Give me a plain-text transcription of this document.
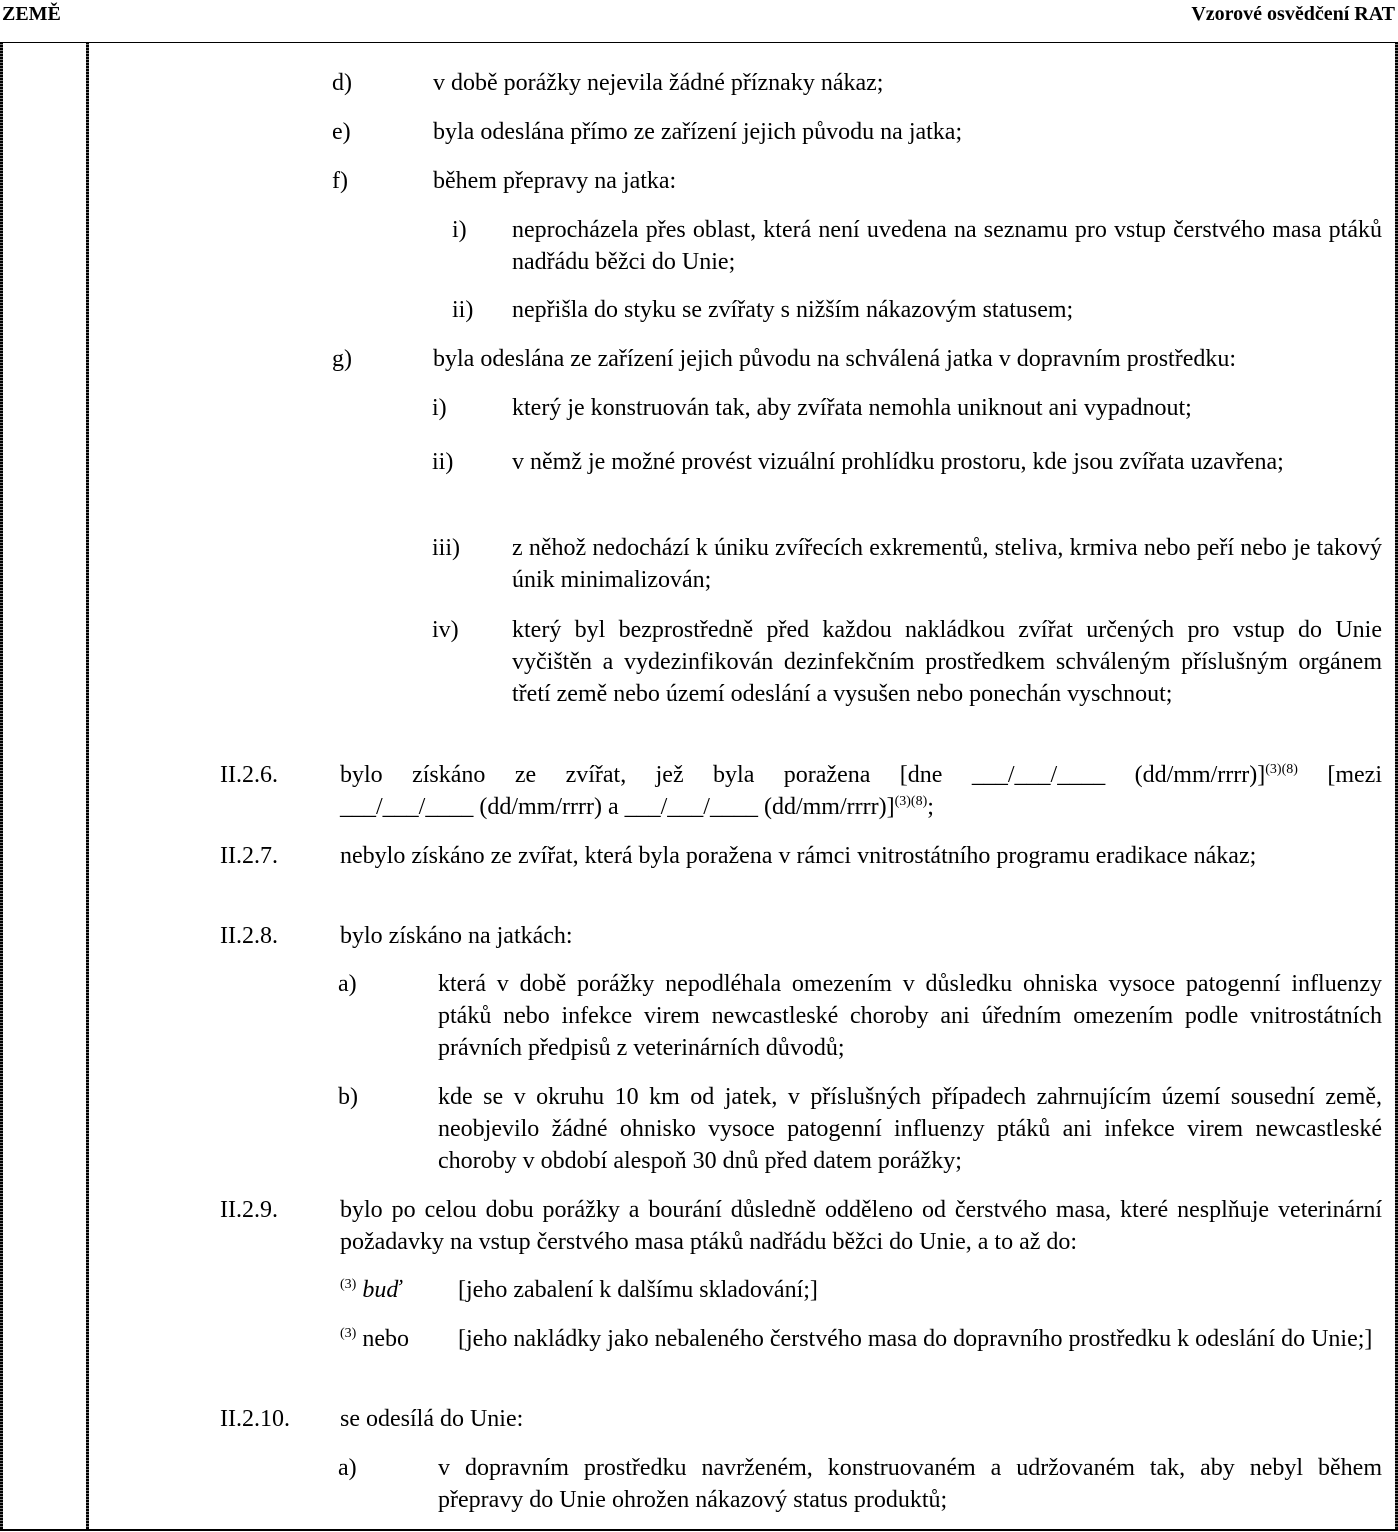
ZEMĚ	Vzorové osvědčení RAT
d)	v době porážky nejevila žádné příznaky nákaz;
e)	byla odeslána přímo ze zařízení jejich původu na jatka;
f)	během přepravy na jatka:
i) neprocházela přes oblast, která není uvedena na seznamu pro vstup čerstvého masa ptáků nadřádu běžci do Unie;
ii) nepřišla do styku se zvířaty s nižším nákazovým statusem;
g)	byla odeslána ze zařízení jejich původu na schválená jatka v dopravním prostředku:
i)	který je konstruován tak, aby zvířata nemohla uniknout ani vypadnout;
ii) v němž je možné provést vizuální prohlídku prostoru, kde jsou zvířata uzavřena;
iii) z něhož nedochází k úniku zvířecích exkrementů, steliva, krmiva nebo peří nebo je takový únik minimalizován;
iv) který byl bezprostředně před každou nakládkou zvířat určených pro vstup do Unie vyčištěn a vydezinfikován dezinfekčním prostředkem schváleným příslušným orgánem třetí země nebo území odeslání a vysušen nebo ponechán vyschnout;
II.2.6.	bylo získáno ze zvířat, jež byla poražena [dne ___/___/____ (dd/mm/rrrr)]$^{(3)(8)}$ [mezi
___/___/____ (dd/mm/rrrr) a ___/___/____ (dd/mm/rrrr)]$^{(3)(8)}$;
II.2.7.	nebylo získáno ze zvířat, která byla poražena v rámci vnitrostátního programu eradikace nákaz;
II.2.8.	bylo získáno na jatkách:
a)	která v době porážky nepodléhala omezením v důsledku ohniska vysoce patogenní influenzy ptáků nebo infekce virem newcastleské choroby ani úředním omezením podle vnitrostátních právních předpisů z veterinárních důvodů;
b)	kde se v okruhu 10 km od jatek, v příslušných případech zahrnujícím území sousední země, neobjevilo žádné ohnisko vysoce patogenní influenzy ptáků ani infekce virem newcastleské choroby v období alespoň 30 dnů před datem porážky;
II.2.9.	bylo po celou dobu porážky a bourání důsledně odděleno od čerstvého masa, které nesplňuje veterinární požadavky na vstup čerstvého masa ptáků nadřádu běžci do Unie, a to až do:
$^{(3)}$ buď [jeho zabalení k dalšímu skladování;]
$^{(3)}$ nebo [jeho nakládky jako nebaleného čerstvého masa do dopravního prostředku k odeslání do Unie;]
II.2.10. se odesílá do Unie:
a)	v dopravním prostředku navrženém, konstruovaném a udržovaném tak, aby nebyl během přepravy do Unie ohrožen nákazový status produktů;
